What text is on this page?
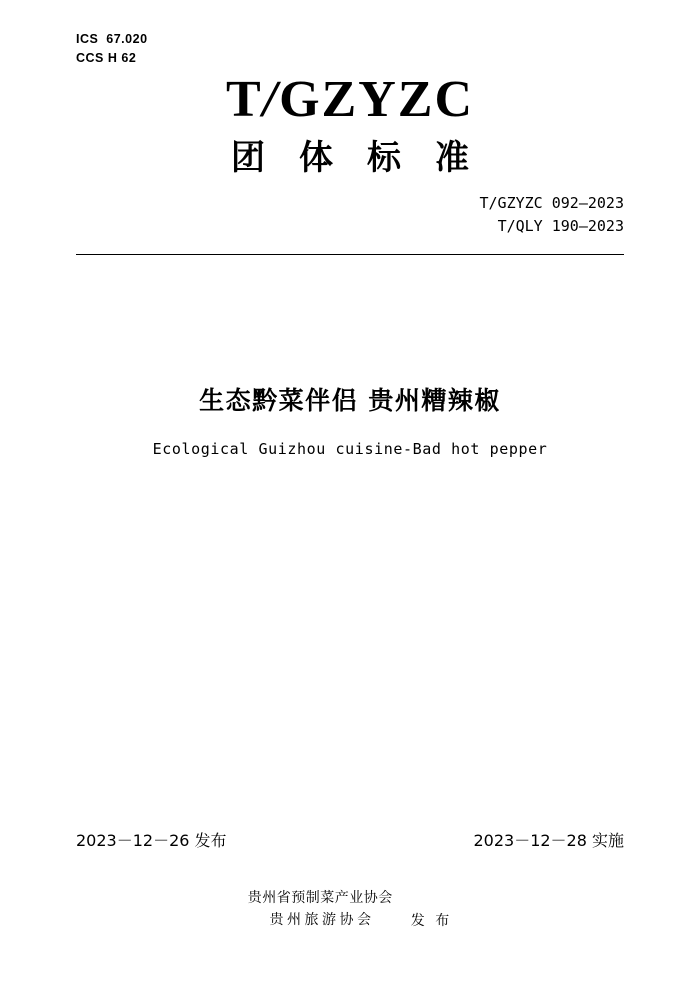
ICS  67.020
CCS H 62
T/GZYZC
团体标准
T/GZYZC 092—2023
T/QLY 190—2023
生态黔菜伴侣 贵州糟辣椒
Ecological Guizhou cuisine-Bad hot pepper
2023－12－26 发布	2023－12－28 实施
贵州省预制菜产业协会
贵州旅游协会	发 布
